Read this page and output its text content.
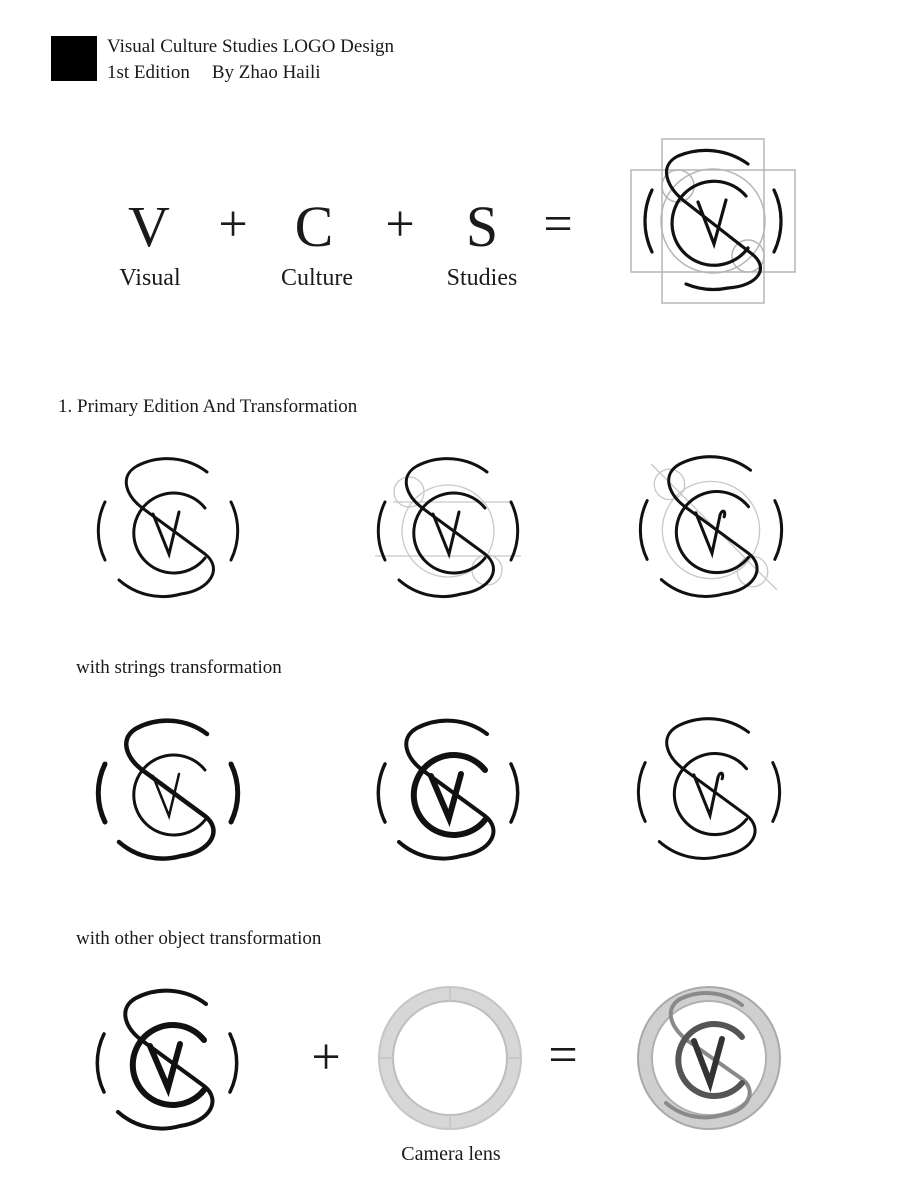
Visual Culture Studies LOGO Design
1st Edition By Zhao Haili
V + C + S =
Visual	Culture	Studies
1. Primary Edition And Transformation
with strings transformation
with other object transformation
+	=
Camera lens
